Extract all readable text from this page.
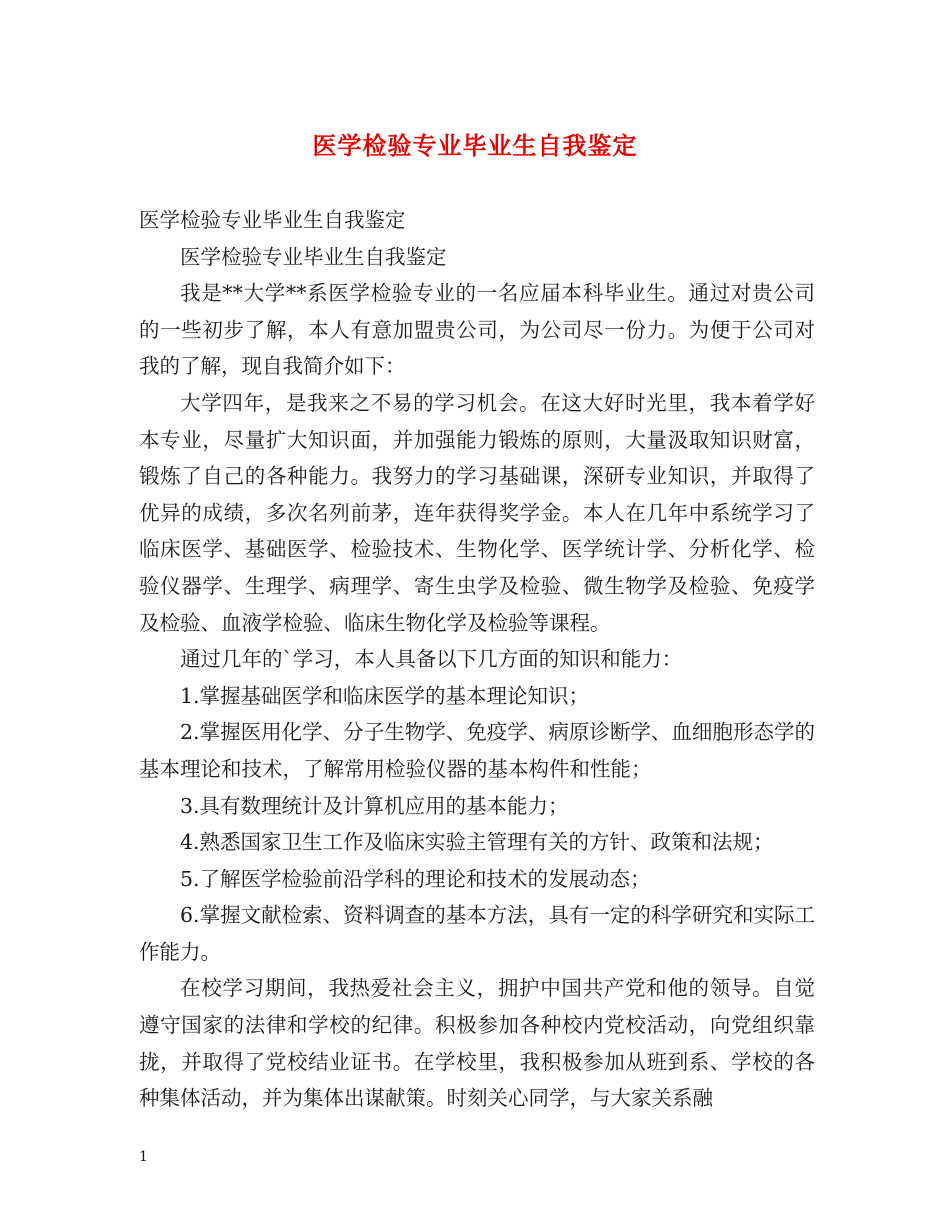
医学检验专业毕业生自我鉴定

医学检验专业毕业生自我鉴定

医学检验专业毕业生自我鉴定

我是**大学**系医学检验专业的一名应届本科毕业生。通过对贵公司的一些初步了解，本人有意加盟贵公司，为公司尽一份力。为便于公司对我的了解，现自我简介如下：

大学四年，是我来之不易的学习机会。在这大好时光里，我本着学好本专业，尽量扩大知识面，并加强能力锻炼的原则，大量汲取知识财富，锻炼了自己的各种能力。我努力的学习基础课，深研专业知识，并取得了优异的成绩，多次名列前茅，连年获得奖学金。本人在几年中系统学习了临床医学、基础医学、检验技术、生物化学、医学统计学、分析化学、检验仪器学、生理学、病理学、寄生虫学及检验、微生物学及检验、免疫学及检验、血液学检验、临床生物化学及检验等课程。

通过几年的`学习，本人具备以下几方面的知识和能力：

1.掌握基础医学和临床医学的基本理论知识；

2.掌握医用化学、分子生物学、免疫学、病原诊断学、血细胞形态学的基本理论和技术，了解常用检验仪器的基本构件和性能；

3.具有数理统计及计算机应用的基本能力；

4.熟悉国家卫生工作及临床实验主管理有关的方针、政策和法规；

5.了解医学检验前沿学科的理论和技术的发展动态；

6.掌握文献检索、资料调查的基本方法，具有一定的科学研究和实际工作能力。

在校学习期间，我热爱社会主义，拥护中国共产党和他的领导。自觉遵守国家的法律和学校的纪律。积极参加各种校内党校活动，向党组织靠拢，并取得了党校结业证书。在学校里，我积极参加从班到系、学校的各种集体活动，并为集体出谋献策。时刻关心同学，与大家关系融

1
